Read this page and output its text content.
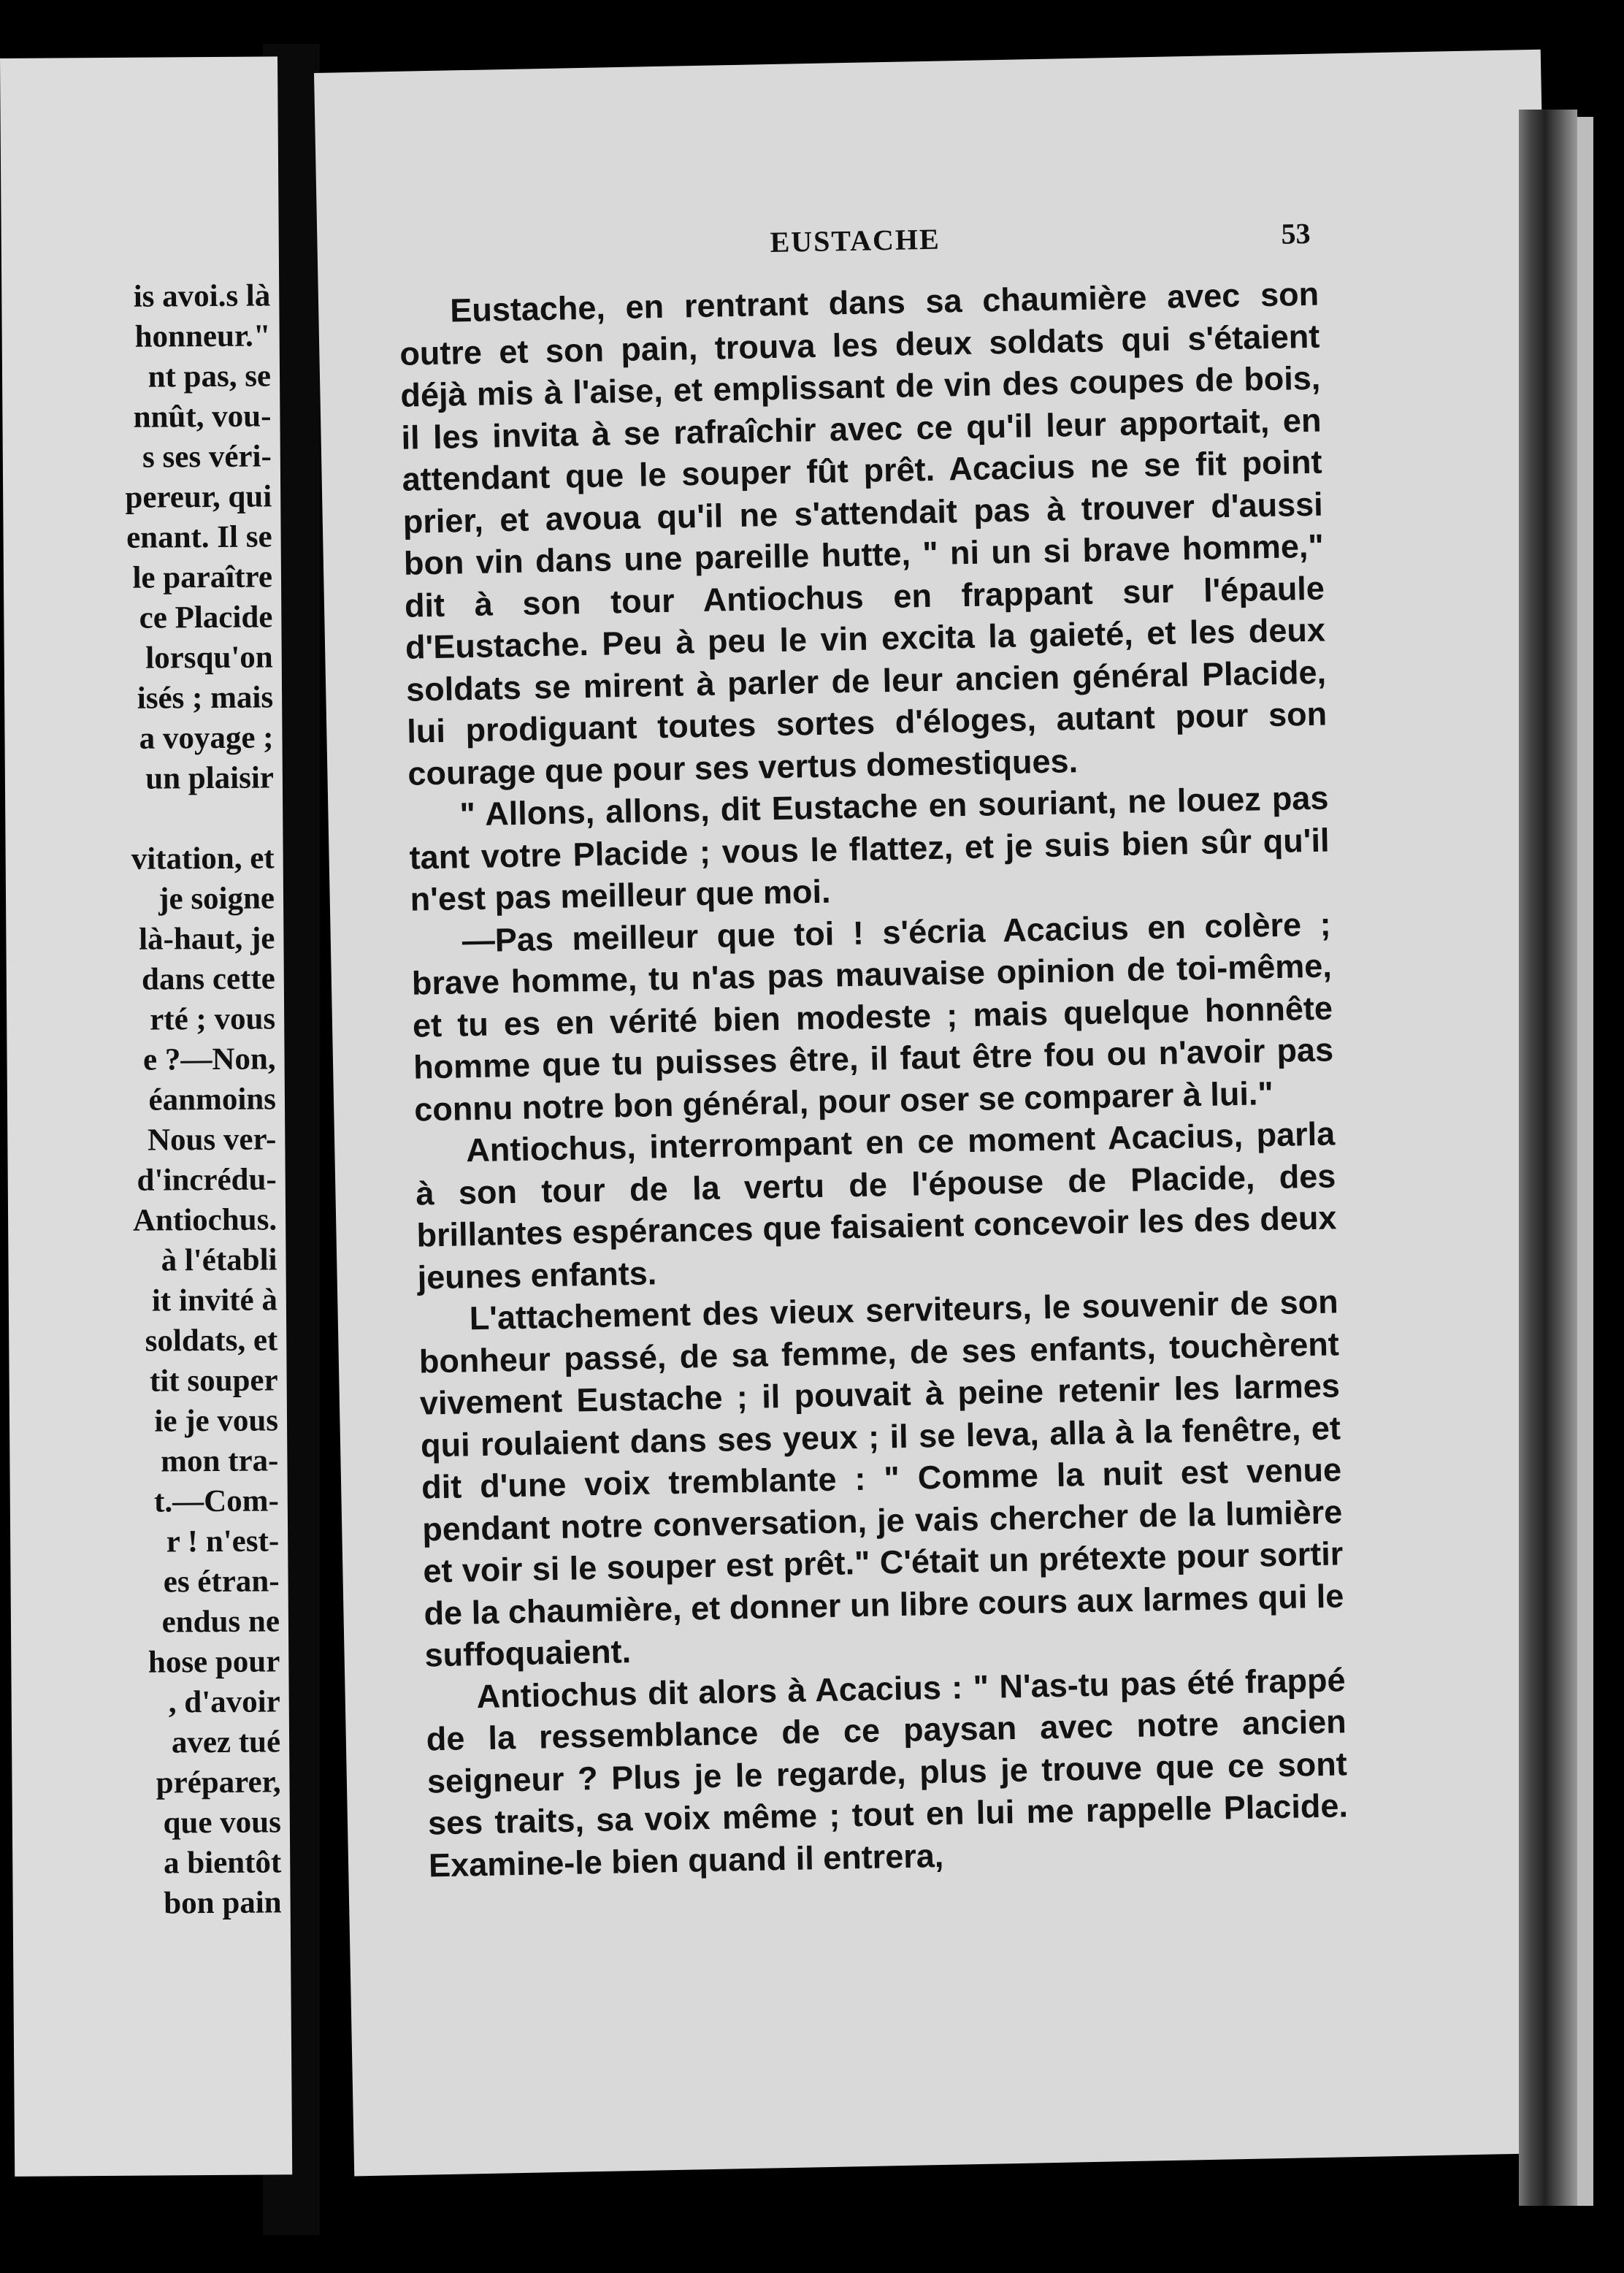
is avoi.s là
honneur."
nt pas, se
nnût, vou-
s ses véri-
pereur, qui
enant. Il se
le paraître
ce Placide
lorsqu'on
isés ; mais
a voyage ;
un plaisir
vitation, et
je soigne
là-haut, je
dans cette
rté ; vous
e ?—Non,
éanmoins
Nous ver-
d'incrédu-
Antiochus.
à l'établi
it invité à
soldats, et
tit souper
ie je vous
mon tra-
t.—Com-
r ! n'est-
es étran-
endus ne
hose pour
, d'avoir
avez tué
préparer,
que vous
a bientôt
bon pain
EUSTACHE	53

Eustache, en rentrant dans sa chaumière avec son outre et son pain, trouva les deux soldats qui s'étaient déjà mis à l'aise, et emplissant de vin des coupes de bois, il les invita à se rafraîchir avec ce qu'il leur apportait, en attendant que le souper fût prêt. Acacius ne se fit point prier, et avoua qu'il ne s'attendait pas à trouver d'aussi bon vin dans une pareille hutte, " ni un si brave homme," dit à son tour Antiochus en frappant sur l'épaule d'Eustache. Peu à peu le vin excita la gaieté, et les deux soldats se mirent à parler de leur ancien général Placide, lui prodiguant toutes sortes d'éloges, autant pour son courage que pour ses vertus domestiques.

" Allons, allons, dit Eustache en souriant, ne louez pas tant votre Placide ; vous le flattez, et je suis bien sûr qu'il n'est pas meilleur que moi.

—Pas meilleur que toi ! s'écria Acacius en colère ; brave homme, tu n'as pas mauvaise opinion de toi-même, et tu es en vérité bien modeste ; mais quelque honnête homme que tu puisses être, il faut être fou ou n'avoir pas connu notre bon général, pour oser se comparer à lui."

Antiochus, interrompant en ce moment Acacius, parla à son tour de la vertu de l'épouse de Placide, des brillantes espérances que faisaient concevoir les des deux jeunes enfants.

L'attachement des vieux serviteurs, le souvenir de son bonheur passé, de sa femme, de ses enfants, touchèrent vivement Eustache ; il pouvait à peine retenir les larmes qui roulaient dans ses yeux ; il se leva, alla à la fenêtre, et dit d'une voix tremblante : " Comme la nuit est venue pendant notre conversation, je vais chercher de la lumière et voir si le souper est prêt." C'était un prétexte pour sortir de la chaumière, et donner un libre cours aux larmes qui le suffoquaient.

Antiochus dit alors à Acacius : " N'as-tu pas été frappé de la ressemblance de ce paysan avec notre ancien seigneur ? Plus je le regarde, plus je trouve que ce sont ses traits, sa voix même ; tout en lui me rappelle Placide. Examine-le bien quand il entrera,
